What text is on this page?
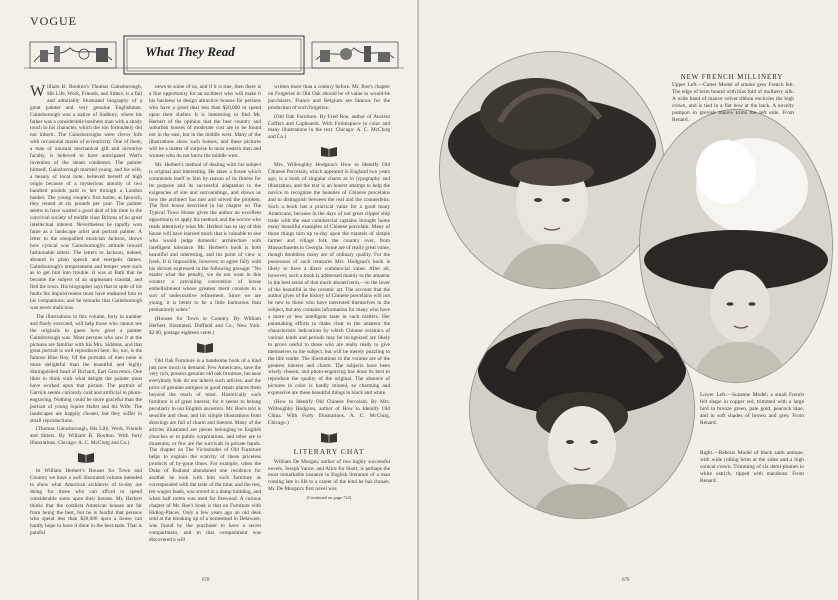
VOGUE
What They Read

William B. Boulton's Thomas Gainsborough, His Life, Work, Friends, and Sitters, is a full and admirably illustrated biography of a great painter and very genuine Englishman. Gainsborough was a native of Sudbury, where his father was a considerable business man with a shady touch to his character, which the son fortunately did not inherit. The Gainsboroughs were clever folk with occasional marks of eccentricity. One of them, a man of unusual mechanical gift and inventive faculty, is believed to have anticipated Watt's invention of the steam condenser. The painter himself, Gainsborough married young, and his wife, a beauty of local note, believed herself of high origin because of a mysterious annuity of two hundred pounds paid to her through a London banker. The young couple's first home, at Ipswich, they rented at six pounds per year. The painter seems to have wasted a good deal of his time in the convivial society of middle class Britons of no great intellectual interest. Nevertheless he rapidly won fame as a landscape artist and portrait painter. A letter to the unequalled musician Jackson, shows how cynical was Gainsborough's attitude toward fashionable sitters. The letters to Jackson, indeed, abound in plain speech and energetic dames. Gainsborough's temperament and temper were such as to get him into trouble. It was at Bath that he became the subject of an unpleasant scandal, and fled the town. His biographer says that in spite of his faults his impulsiveness must have endeared him to his companions, and he remarks that Gainsborough was never malicious.

The illustrations to this volume, forty in number and finely executed, will help those who cannot see the originals to guess how great a painter Gainsborough was. Most persons who saw it at the pictures are familiar with his Mrs. Siddons, and that great portrait is well reproduced here. So, too, is the famous Blue Boy. Of the portraits of men none is more delightful than the beautiful and highly distinguished head of Richard, Earl Grosvenor. One likes to think with what delight the painter must have worked upon that picture. The portrait of Garrick seems curiously cold and artificial in photo-engraving. Nothing could be more graceful than the portrait of young Squire Hallet and his Wife. The landscapes are happily chosen, but they suffer in small reproductions.

(Thomas Gainsborough, His Life, Work, Friends and Sitters. By William B. Boulton. With forty Illustrations. Chicago: A. C. McClurg and Co.)

In William Herbert's Houses for Town and Country we have a well illustrated volume intended to show what American architects of to-day are doing for those who can afford to spend considerable sums upon their houses. Mr. Herbert thinks that the costliest American houses are far from being the best, but he is fearful that persons who spend less than $20,000 upon a house can hardly hope to have it done in the best taste. That is painful

news to some of us, and if it is true, then there is a fine opportunity for an architect who will make it his business to design attractive houses for persons who have a good deal less than $20,000 to spend upon their shelter. It is interesting to find Mr. Herbert of the opinion that the best country and suburban houses of moderate cost are to be found not in the east, but in the middle west. Many of the illustrations show such houses, and these pictures will be a matter of surprise to most eastern men and women who do not know the middle west.

Mr. Herbert's method of dealing with his subject is original and interesting. He takes a house which commends itself to him by reason of its fitness for its purpose and its successful adaptation to the exigencies of site and surroundings, and shows us how the architect has met and solved the problem. The first house described in his chapter on The Typical Town House gives the author an excellent opportunity to apply his method, and the novice who reads attentively what Mr. Herbert has to say of this house will have learned much that is valuable to one who would judge domestic architecture with intelligent tolerance. Mr. Herbert's book is both beautiful and interesting, and his point of view is fresh. It is impossible, however, to agree fully with his dictum expressed in the following passage: "No matter what the penalty, we do not want in this country a prevailing convention of house embellishment whose greatest merit consists in a sort of undecorative refinement. Since we are young, it is better to be a little barbarous than prematurely sober."

(Houses for Town or Country. By William Herbert. Illustrated. Duffield and Co., New York. $2.00, postage eighteen cents.)

Old Oak Furniture is a handsome book of a kind just now much in demand. Few Americans, save the very rich, possess genuine old oak furniture, because everybody folk do not inherit such articles, and the price of genuine antiques in good repair places them beyond the reach of most. Historically such furniture is of great interest, for it seems to belong peculiarly to our English ancestors. Mr. Roe's text is sensible and clear, and his simple illustrations from drawings are full of charm and interest. Many of the articles illustrated are pieces belonging to English churches or to public corporations, and other are in museums, or few are the survivals in private hands. The chapter on The Vicissitudes of Old Furniture helps to explain the scarcity of these priceless products of by-gone times. For example, when the Duke of Rutland abandoned one residence for another he took with him such furniture as corresponded with the taste of the time, and the rest, ten wagon loads, was stored in a damp building, and when half rotten was used for firewood. A curious chapter of Mr. Roe's book is that on Furniture with Hiding-Places. Only a few years ago an old desk sold at the breaking up of a homestead in Delaware, was found by the purchaser to have a secret compartment, and in that compartment was discovered a will

written more than a century before. Mr. Roe's chapter on Forgeries in Old Oak should be of value to would-be purchasers. France and Belgium are famous for the production of such forgeries.

(Old Oak Furniture. By Fred Roe, author of Ancient Coffers and Cupboards. With Frontispiece in color and many illustrations in the text. Chicago: A. C. McClurg and Co.)

Mrs. Willoughby Hodgson's How to Identify Old Chinese Porcelain, which appeared in England two years ago, is a book of singular charm as to typography and illustration, and the text is an honest attempt to help the novice to recognize the beauties of Chinese porcelains and to distinguish between the real and the counterfeits. Such a book has a practical value for a good many Americans, because in the days of our great clipper ship trade with the east commercial captains brought home many beautiful examples of Chinese porcelain. Many of those things turn up to-day upon the mantels of simple farmer and village folk the country over, from Massachusetts to Georgia. Some are of really great value, though doubtless many are of ordinary quality. For the possessors of such treasures Mrs. Hodgson's book is likely to have a direct commercial value. After all, however, such a book is addressed mainly to the amateur in the best sense of that much abused term,—to the lover of the beautiful in the ceramic art. The account that the author gives of the history of Chinese porcelains will not be new to those who have interested themselves in the subject, but any contains information for many who have a more or less intelligent taste in such matters. Her painstaking efforts to make clear to the amateur the characteristic indications by which Chinese ceramics of various kinds and periods may be recognized are likely to prove useful to those who are really ready to give themselves to the subject, but will be merely puzzling to the idle reader. The illustrations to the volume are of the greatest interest and charm. The subjects have been wisely chosen, and photo-engraving has done its best to reproduce the quality of the original. The absence of pictures in color is hardly missed, so charming and expressive are these beautiful things in black and white.

(How to Identify Old Chinese Porcelain. By Mrs. Willoughby Hodgson, author of How to Identify Old China. With Forty Illustrations. A. C. McClurg, Chicago.)

LITERARY CHAT

William De Morgan, author of two highly successful novels, Joseph Vance, and Alice for Short, is perhaps the most remarkable instance in English literature of a man coming late in life to a career of the kind he has chosen. Mr. De Morgan's first novel was

(Continued on page 722)
678
NEW FRENCH MILLINERY
Upper Left.—Cutter Model of smoke grey French felt. The edge of brim bound with bias fold of mulberry silk. A wide band of mauve velvet ribbon encircles the high crown, and is tied in a flat bow at the back. A novelty pompon in greyish mauve trims the left side. From Renard.
Lower Left.—Suzanne Model; a small French felt shape in copper red, trimmed with a large bird in bronze green, pale gold, peacock blue, and in soft shades of brown and grey. From Renard.
Right.—Reboux Model of black satin antique, with wide rolling brim at the sides and a high conical crown. Trimming of six demi-plumes in white ostrich, tipped with marabout. From Renard.
679
